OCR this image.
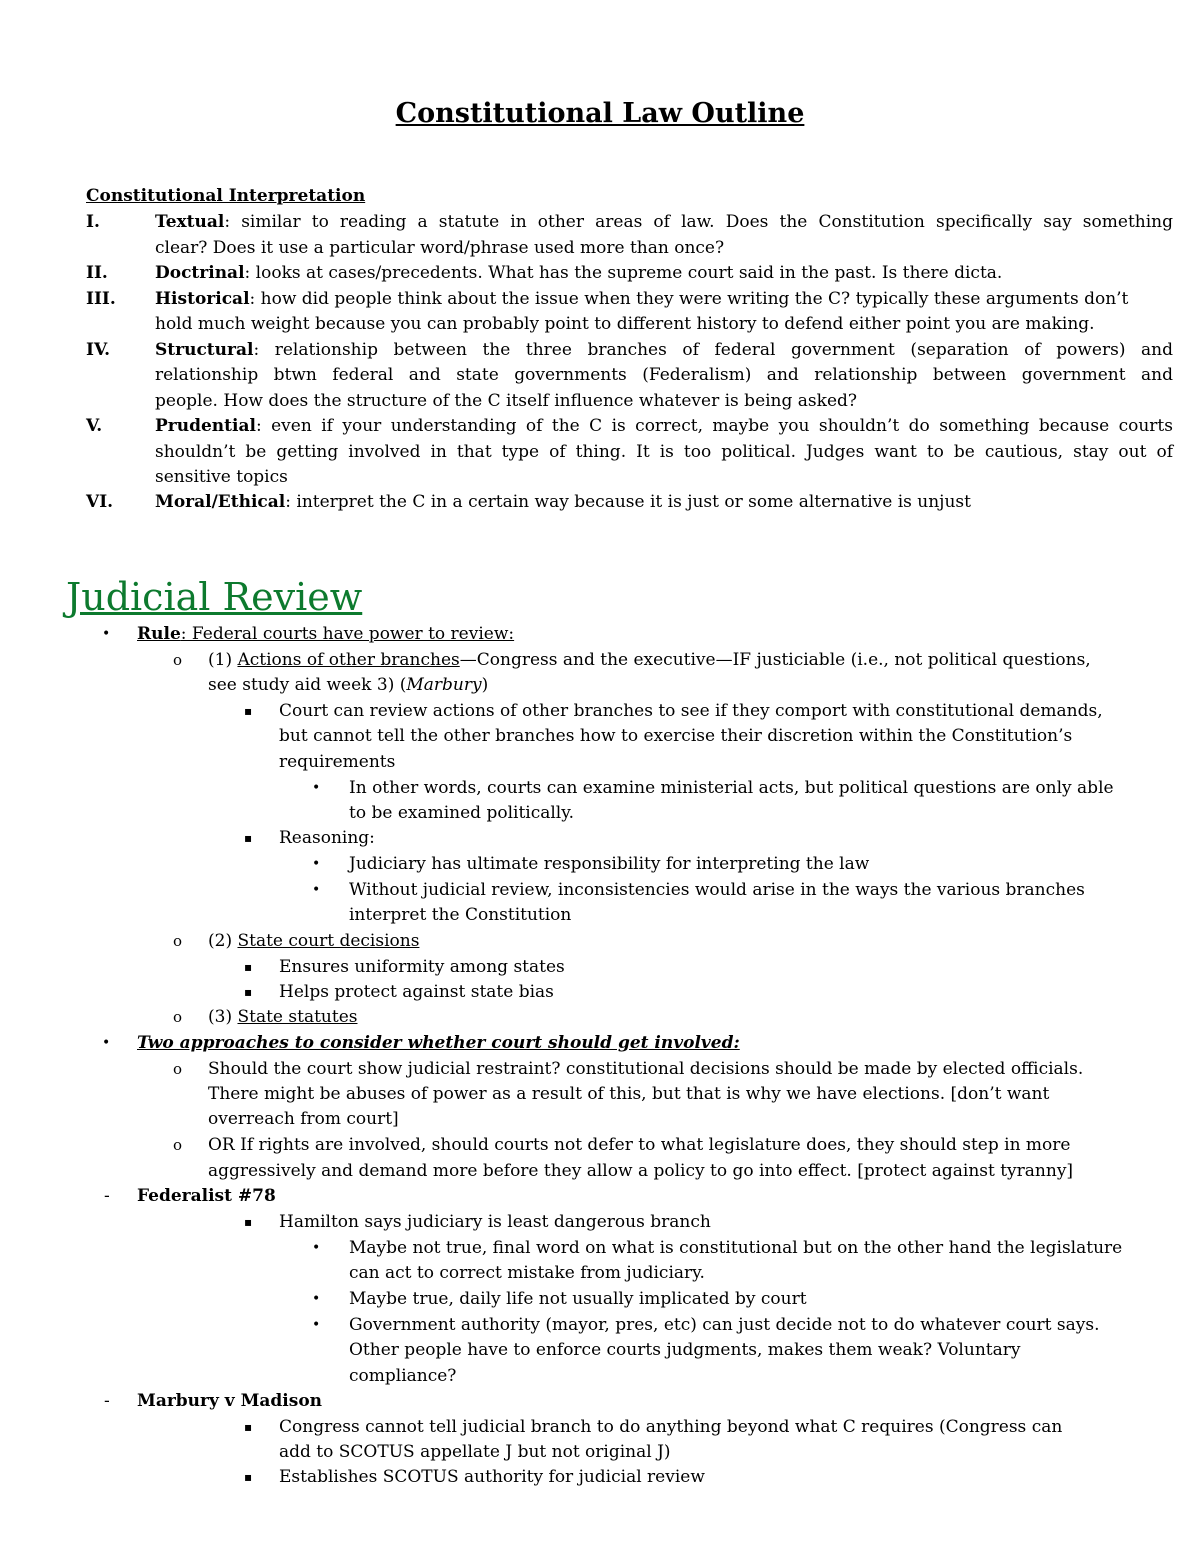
Constitutional Law Outline
Constitutional Interpretation
I.	Textual: similar to reading a statute in other areas of law. Does the Constitution specifically say something
clear? Does it use a particular word/phrase used more than once?
II.	Doctrinal: looks at cases/precedents. What has the supreme court said in the past. Is there dicta.
III. Historical: how did people think about the issue when they were writing the C? typically these arguments don’t
hold much weight because you can probably point to different history to defend either point you are making.
IV.	Structural: relationship between the three branches of federal government (separation of powers) and
relationship btwn federal and state governments (Federalism) and relationship between government and
people. How does the structure of the C itself influence whatever is being asked?
V.	Prudential: even if your understanding of the C is correct, maybe you shouldn’t do something because courts
shouldn’t be getting involved in that type of thing. It is too political. Judges want to be cautious, stay out of
sensitive topics
VI. Moral/Ethical: interpret the C in a certain way because it is just or some alternative is unjust
Judicial Review
• Rule: Federal courts have power to review:
o (1) Actions of other branches—Congress and the executive—IF justiciable (i.e., not political questions,
see study aid week 3) (Marbury)
▪ Court can review actions of other branches to see if they comport with constitutional demands,
but cannot tell the other branches how to exercise their discretion within the Constitution’s
requirements
• In other words, courts can examine ministerial acts, but political questions are only able
to be examined politically.
▪ Reasoning:
• Judiciary has ultimate responsibility for interpreting the law
• Without judicial review, inconsistencies would arise in the ways the various branches
interpret the Constitution
o (2) State court decisions
▪ Ensures uniformity among states
▪ Helps protect against state bias
o (3) State statutes
• Two approaches to consider whether court should get involved:
o Should the court show judicial restraint? constitutional decisions should be made by elected officials.
There might be abuses of power as a result of this, but that is why we have elections. [don’t want
overreach from court]
o OR If rights are involved, should courts not defer to what legislature does, they should step in more
aggressively and demand more before they allow a policy to go into effect. [protect against tyranny]
- Federalist #78
▪ Hamilton says judiciary is least dangerous branch
• Maybe not true, final word on what is constitutional but on the other hand the legislature
can act to correct mistake from judiciary.
• Maybe true, daily life not usually implicated by court
• Government authority (mayor, pres, etc) can just decide not to do whatever court says.
Other people have to enforce courts judgments, makes them weak? Voluntary
compliance?
- Marbury v Madison
▪ Congress cannot tell judicial branch to do anything beyond what C requires (Congress can
add to SCOTUS appellate J but not original J)
▪ Establishes SCOTUS authority for judicial review
